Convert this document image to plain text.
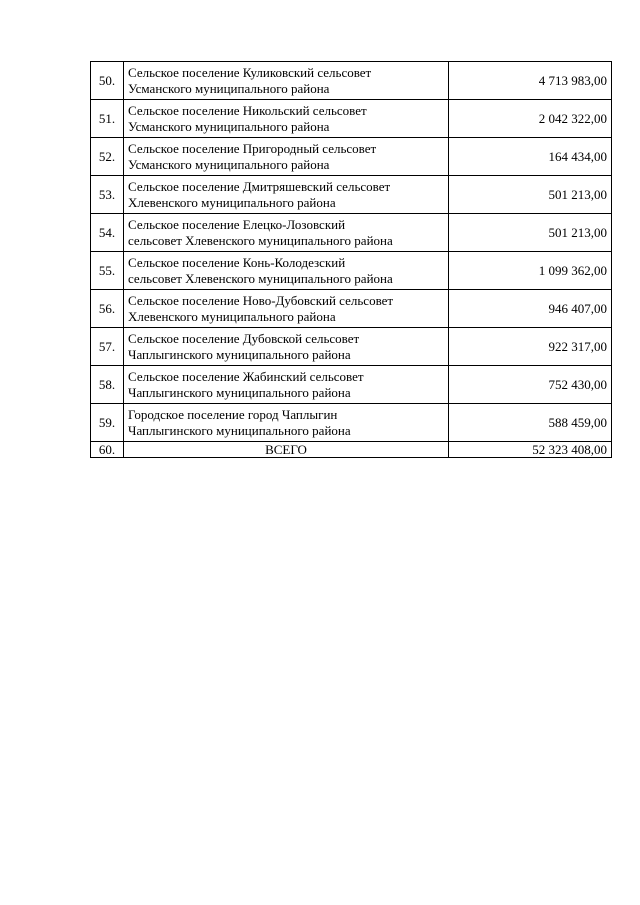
50.	Сельское поселение Куликовский сельсовет
Усманского муниципального района	4 713 983,00
51.	Сельское поселение Никольский сельсовет
Усманского муниципального района	2 042 322,00
52.	Сельское поселение Пригородный сельсовет
Усманского муниципального района	164 434,00
53.	Сельское поселение Дмитряшевский сельсовет
Хлевенского муниципального района	501 213,00
54.	Сельское поселение Елецко-Лозовский
сельсовет Хлевенского муниципального района	501 213,00
55.	Сельское поселение Конь-Колодезский
сельсовет Хлевенского муниципального района	1 099 362,00
56.	Сельское поселение Ново-Дубовский сельсовет
Хлевенского муниципального района	946 407,00
57.	Сельское поселение Дубовской сельсовет
Чаплыгинского муниципального района	922 317,00
58.	Сельское поселение Жабинский сельсовет
Чаплыгинского муниципального района	752 430,00
59.	Городское поселение город Чаплыгин
Чаплыгинского муниципального района	588 459,00
60.	ВСЕГО	52 323 408,00
